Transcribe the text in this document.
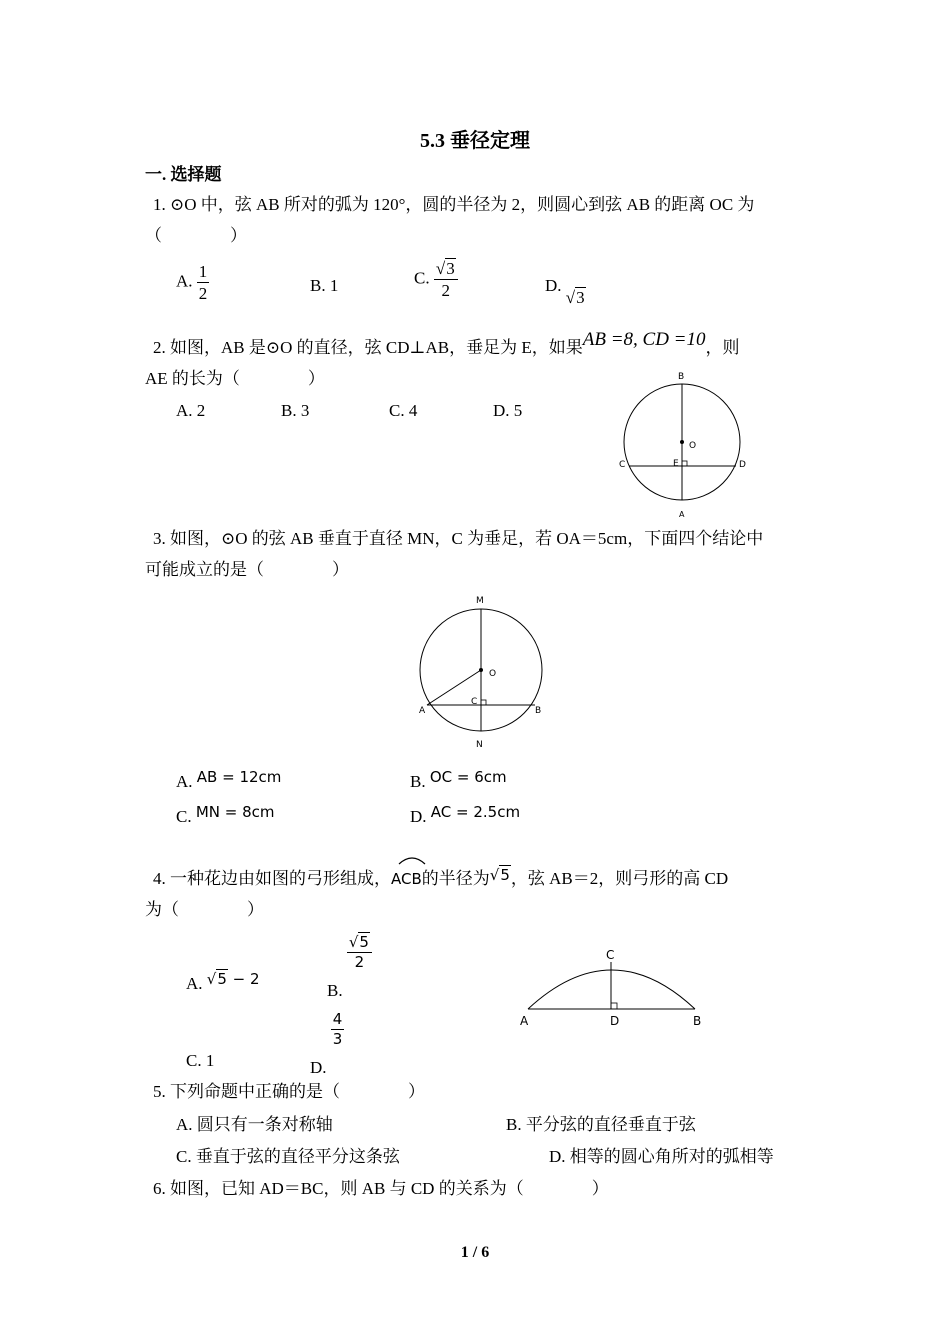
5.3 垂径定理
一. 选择题
1. ⊙O 中，弦 AB 所对的弧为 120°，圆的半径为 2，则圆心到弦 AB 的距离 OC 为
（　　　　）
A. $\frac{1}{2}$	B. 1	C. $\frac{√3}{2}$	D. √3
2. 如图，AB 是⊙O 的直径，弦 CD⊥AB，垂足为 E，如果AB =8, CD =10，则
AE 的长为（　　　　）
A. 2	B. 3	C. 4	D. 5
B
O
C	E	D
A
3. 如图，⊙O 的弦 AB 垂直于直径 MN，C 为垂足，若 OA＝5cm，下面四个结论中
可能成立的是（　　　　）
M
O
C
A	B
N
A. AB = 12cm	B. OC = 6cm
C. MN = 8cm	D. AC = 2.5cm
4. 一种花边由如图的弓形组成，
ACB的半径为√5，弦 AB＝2，则弓形的高 CD
为（　　　　）
A. √5 − 2
B.
$\frac{√5}{2}$
C. 1	D.
$\frac{4}{3}$
C
A	D	B
5. 下列命题中正确的是（　　　　）
A. 圆只有一条对称轴	B. 平分弦的直径垂直于弦
C. 垂直于弦的直径平分这条弦	D. 相等的圆心角所对的弧相等
6. 如图，已知 AD＝BC，则 AB 与 CD 的关系为（　　　　）
1 / 6
